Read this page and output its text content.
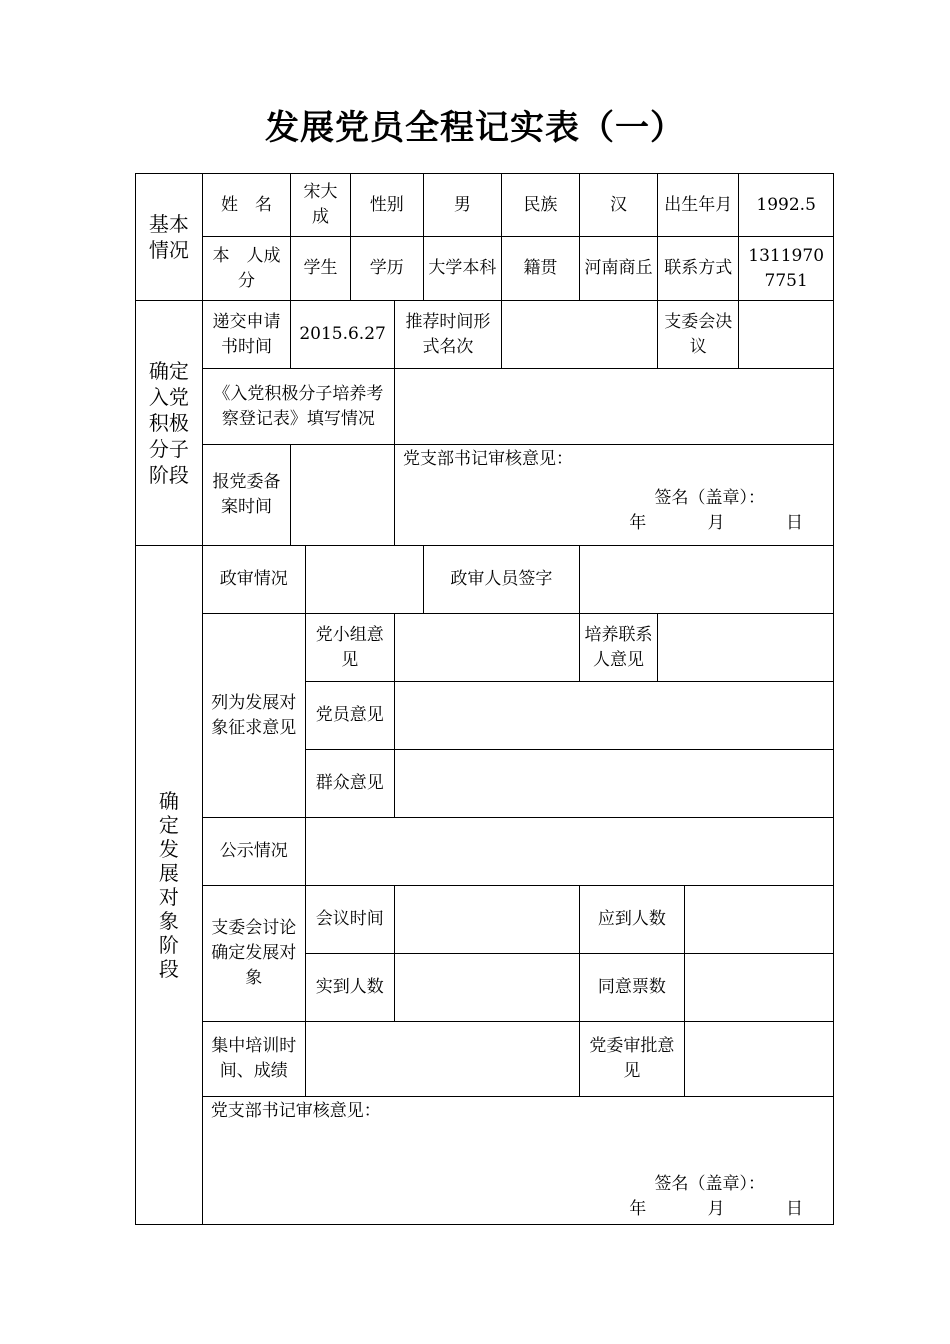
发展党员全程记实表（一）
基本情况	姓　名	宋大成		性别		男	民族	汉	出生年月		1992.5
	本　人成　分	学生		学历		大学本科	籍贯	河南商丘	联系方式		13119707751
确定入党积极分子阶段	递交申请书时间	2015.6.27			推荐时间形式名次				支委会决　议		
	《入党积极分子培养考察登记表》填写情况										
	报党委备案时间				党支部书记审核意见：
签名（盖章）：
年 月 日						

确定发展对象阶段	政审情况					政审人员签字					
	列为发展对象征求意见		党小组意　见					培养联系人意见			
			党员意见								
			群众意见								
	公示情况										
	支委会讨论确定发展对象		会议时间					应到人数			
			实到人数					同意票数			
	集中培训时间、成绩							党委审批意见			

	党支部书记审核意见：
签名（盖章）：
年 月 日										
